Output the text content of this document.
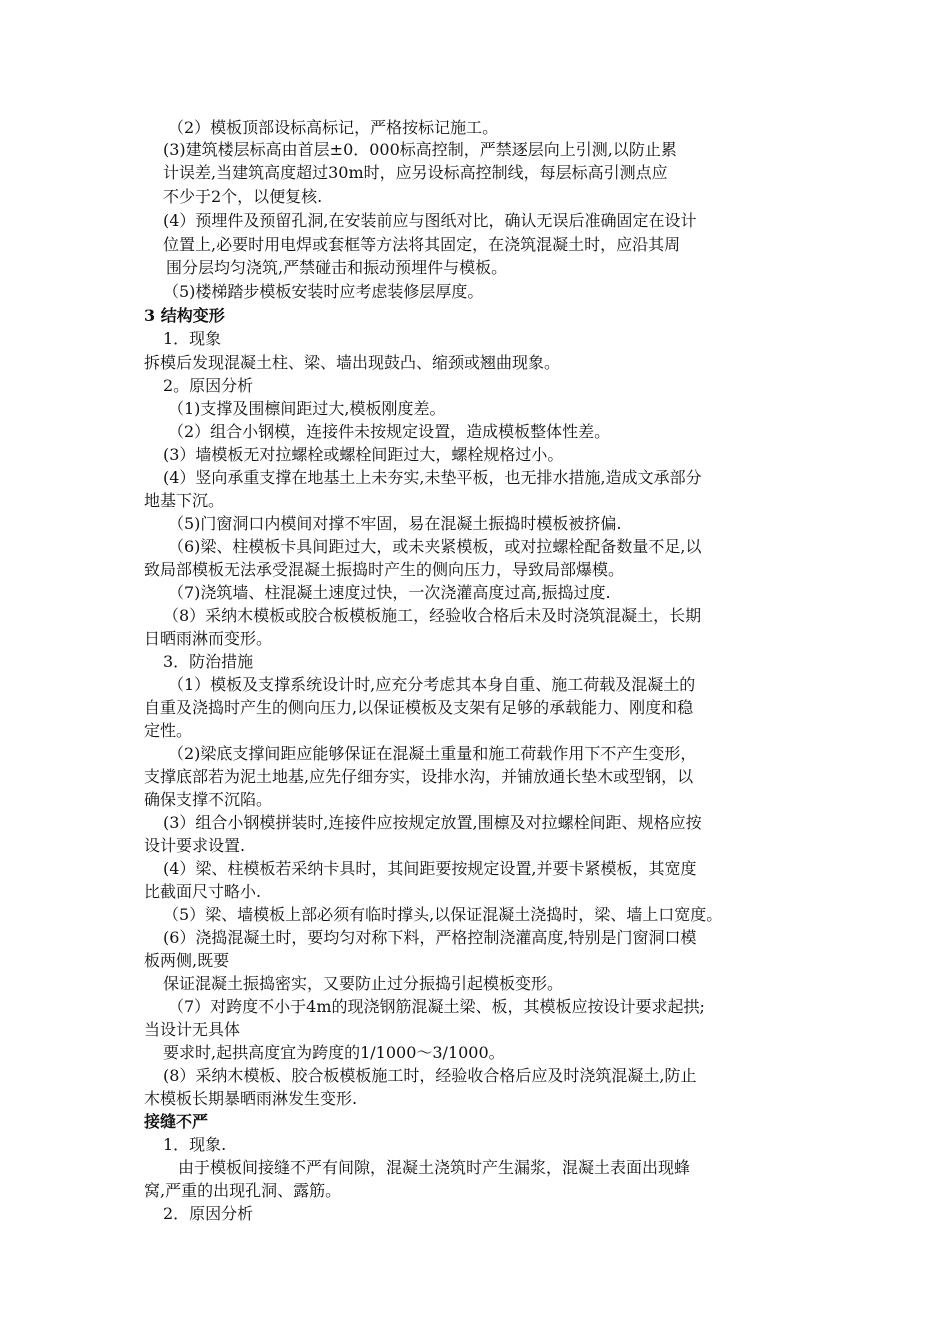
（2）模板顶部设标高标记，严格按标记施工。
(3)建筑楼层标高由首层±0．000标高控制，严禁逐层向上引测,以防止累
计误差,当建筑高度超过30m时，应另设标高控制线，每层标高引测点应
不少于2个，以便复核.
(4）预埋件及预留孔洞,在安装前应与图纸对比，确认无误后准确固定在设计
位置上,必要时用电焊或套框等方法将其固定，在浇筑混凝土时，应沿其周
围分层均匀浇筑,严禁碰击和振动预埋件与模板。
（5)楼梯踏步模板安装时应考虑装修层厚度。
3 结构变形
1．现象
拆模后发现混凝土柱、梁、墙出现鼓凸、缩颈或翘曲现象。
2。原因分析
（1)支撑及围檩间距过大,模板刚度差。
（2）组合小钢模，连接件未按规定设置，造成模板整体性差。
(3）墙模板无对拉螺栓或螺栓间距过大，螺栓规格过小。
(4）竖向承重支撑在地基土上未夯实,未垫平板，也无排水措施,造成文承部分
地基下沉。
（5)门窗洞口内模间对撑不牢固，易在混凝土振捣时模板被挤偏.
（6)梁、柱模板卡具间距过大，或未夹紧模板，或对拉螺栓配备数量不足,以
致局部模板无法承受混凝土振捣时产生的侧向压力，导致局部爆模。
（7)浇筑墙、柱混凝土速度过快，一次浇灌高度过高,振捣过度.
（8）采纳木模板或胶合板模板施工，经验收合格后未及时浇筑混凝土，长期
日晒雨淋而变形。
3．防治措施
（1）模板及支撑系统设计时,应充分考虑其本身自重、施工荷载及混凝土的
自重及浇捣时产生的侧向压力,以保证模板及支架有足够的承载能力、刚度和稳
定性。
（2)梁底支撑间距应能够保证在混凝土重量和施工荷载作用下不产生变形，
支撑底部若为泥土地基,应先仔细夯实，设排水沟，并铺放通长垫木或型钢，以
确保支撑不沉陷。
(3）组合小钢模拼装时,连接件应按规定放置,围檩及对拉螺栓间距、规格应按
设计要求设置.
(4）梁、柱模板若采纳卡具时，其间距要按规定设置,并要卡紧模板，其宽度
比截面尺寸略小.
（5）梁、墙模板上部必须有临时撑头,以保证混凝土浇捣时，梁、墙上口宽度。
(6）浇捣混凝土时，要均匀对称下料，严格控制浇灌高度,特别是门窗洞口模
板两侧,既要
保证混凝土振捣密实，又要防止过分振捣引起模板变形。
（7）对跨度不小于4m的现浇钢筋混凝土梁、板，其模板应按设计要求起拱;
当设计无具体
要求时,起拱高度宜为跨度的1/1000～3/1000。
(8）采纳木模板、胶合板模板施工时，经验收合格后应及时浇筑混凝土,防止
木模板长期暴晒雨淋发生变形.
接缝不严
1．现象.
由于模板间接缝不严有间隙，混凝土浇筑时产生漏浆，混凝土表面出现蜂
窝,严重的出现孔洞、露筋。
2．原因分析
